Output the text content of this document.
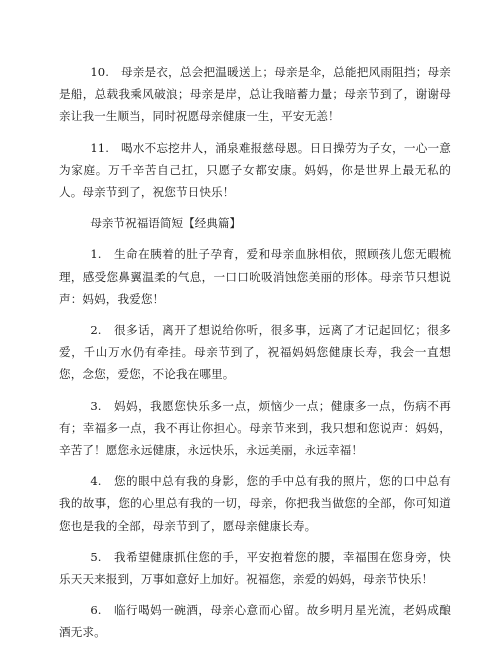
10.　母亲是衣，总会把温暖送上；母亲是伞，总能把风雨阻挡；母亲是船，总载我乘风破浪；母亲是岸，总让我暗蓄力量；母亲节到了，谢谢母亲让我一生顺当，同时祝愿母亲健康一生，平安无恙！

11.　喝水不忘挖井人，涌泉难报慈母恩。日日操劳为子女，一心一意为家庭。万千辛苦自己扛，只愿子女都安康。妈妈，你是世界上最无私的人。母亲节到了，祝您节日快乐！

母亲节祝福语简短【经典篇】

1.　生命在胰着的肚子孕育，爱和母亲血脉相依，照顾孩儿您无暇梳理，感受您鼻翼温柔的气息，一口口吮吸消蚀您美丽的形体。母亲节只想说声：妈妈，我爱您！

2.　很多话，离开了想说给你听，很多事，远离了才记起回忆；很多爱，千山万水仍有牵挂。母亲节到了，祝福妈妈您健康长寿，我会一直想您，念您，爱您，不论我在哪里。

3.　妈妈，我愿您快乐多一点，烦恼少一点；健康多一点，伤病不再有；幸福多一点，我不再让你担心。母亲节来到，我只想和您说声：妈妈，辛苦了！愿您永远健康，永远快乐，永远美丽，永远幸福！

4.　您的眼中总有我的身影，您的手中总有我的照片，您的口中总有我的故事，您的心里总有我的一切，母亲，你把我当做您的全部，你可知道您也是我的全部，母亲节到了，愿母亲健康长寿。

5.　我希望健康抓住您的手，平安抱着您的腰，幸福围在您身旁，快乐天天来报到，万事如意好上加好。祝福您，亲爱的妈妈，母亲节快乐！

6.　临行喝妈一碗酒，母亲心意而心留。故乡明月星光流，老妈成酿酒无求。
